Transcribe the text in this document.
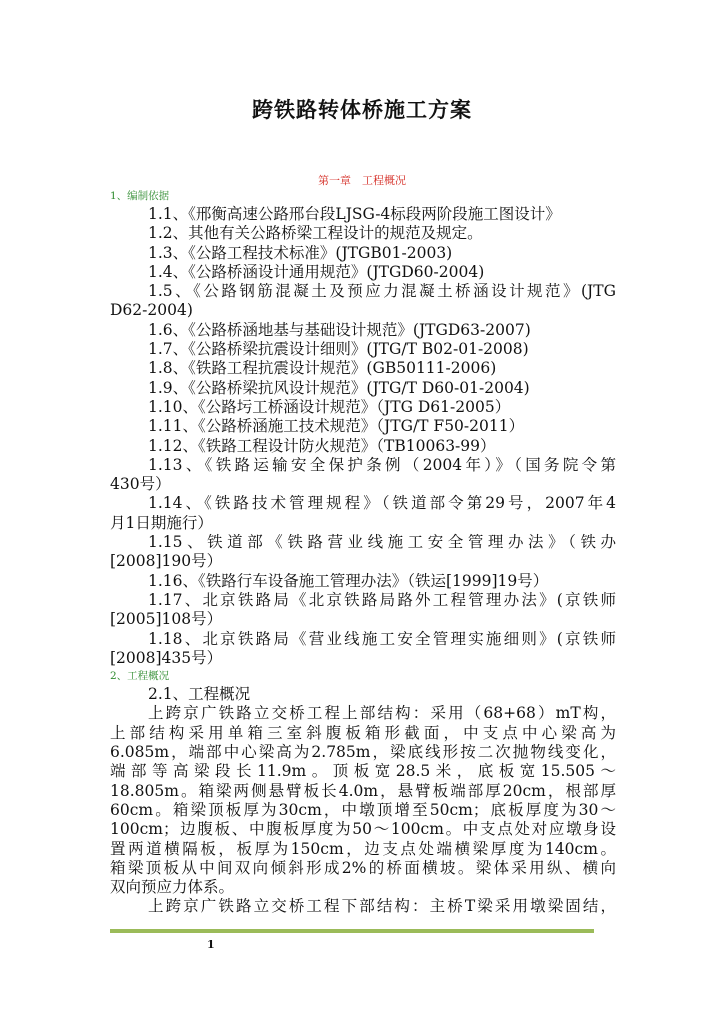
跨铁路转体桥施工方案
第一章　工程概况
1、编制依据
1.1、《邢衡高速公路邢台段LJSG-4标段两阶段施工图设计》
1.2、其他有关公路桥梁工程设计的规范及规定。
1.3、《公路工程技术标准》(JTGB01-2003)
1.4、《公路桥涵设计通用规范》(JTGD60-2004)
1.5、《公路钢筋混凝土及预应力混凝土桥涵设计规范》(JTG
D62-2004)
1.6、《公路桥涵地基与基础设计规范》(JTGD63-2007)
1.7、《公路桥梁抗震设计细则》(JTG/T B02-01-2008)
1.8、《铁路工程抗震设计规范》(GB50111-2006)
1.9、《公路桥梁抗风设计规范》(JTG/T D60-01-2004)
1.10、《公路圬工桥涵设计规范》（JTG D61-2005）
1.11、《公路桥涵施工技术规范》（JTG/T F50-2011）
1.12、《铁路工程设计防火规范》（TB10063-99）
1.13、《铁路运输安全保护条例（2004年）》（国务院令第
430号）
1.14、《铁路技术管理规程》（铁道部令第29号，2007年4
月1日期施行）
1.15、铁道部《铁路营业线施工安全管理办法》（铁办
[2008]190号）
1.16、《铁路行车设备施工管理办法》（铁运[1999]19号）
1.17、北京铁路局《北京铁路局路外工程管理办法》(京铁师
[2005]108号）
1.18、北京铁路局《营业线施工安全管理实施细则》(京铁师
[2008]435号）
2、工程概况
2.1、工程概况
上跨京广铁路立交桥工程上部结构：采用（68+68）mT构，
上部结构采用单箱三室斜腹板箱形截面，中支点中心梁高为
6.085m，端部中心梁高为2.785m，梁底线形按二次抛物线变化，
端部等高梁段长11.9m。顶板宽28.5米，底板宽15.505～
18.805m。箱梁两侧悬臂板长4.0m，悬臂板端部厚20cm，根部厚
60cm。箱梁顶板厚为30cm，中墩顶增至50cm；底板厚度为30～
100cm；边腹板、中腹板厚度为50～100cm。中支点处对应墩身设
置两道横隔板，板厚为150cm，边支点处端横梁厚度为140cm。
箱梁顶板从中间双向倾斜形成2%的桥面横坡。梁体采用纵、横向
双向预应力体系。
上跨京广铁路立交桥工程下部结构：主桥T梁采用墩梁固结，
1
